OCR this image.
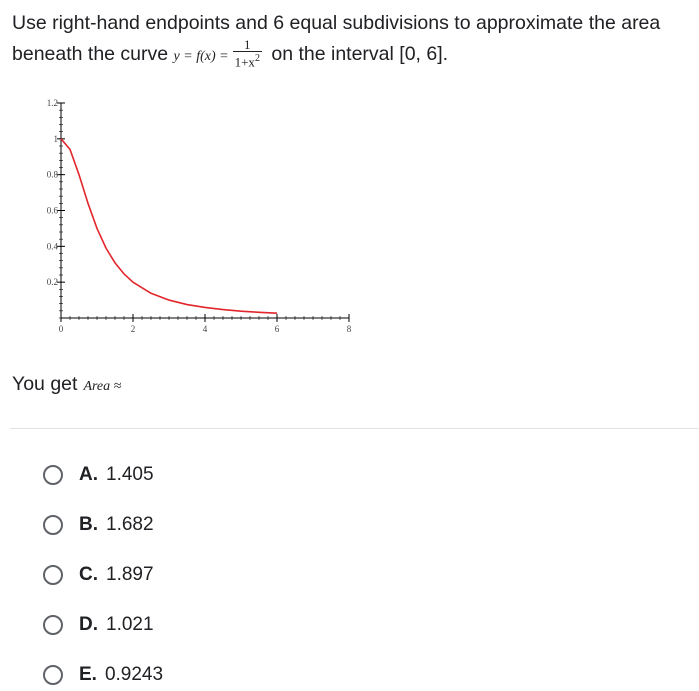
Use right-hand endpoints and 6 equal subdivisions to approximate the area
beneath the curve $y = f(x) = \frac{1}{1+x^2}$ on the interval [0, 6].
0.2
0.4
0.6
0.8
1
1.2
0	2	4	6	8
You get Area ≈
A. 1.405
B. 1.682
C. 1.897
D. 1.021
E. 0.9243
